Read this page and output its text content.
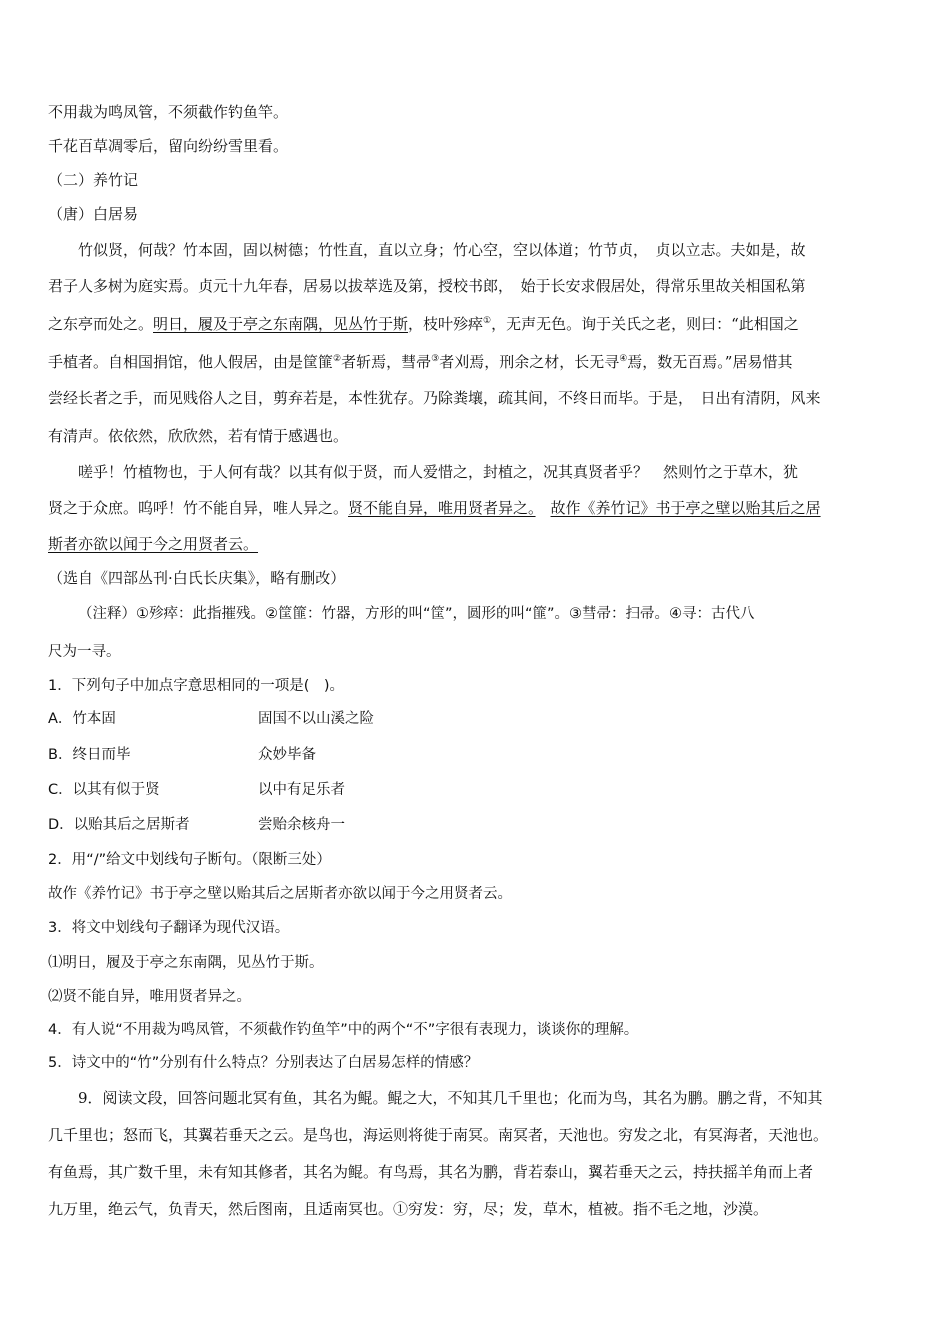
不用裁为鸣凤管，不须截作钓鱼竿。
千花百草凋零后，留向纷纷雪里看。
（二）养竹记
（唐）白居易
竹似贤，何哉？竹本固，固以树德；竹性直，直以立身；竹心空，空以体道；竹节贞，　贞以立志。夫如是，故
君子人多树为庭实焉。贞元十九年春，居易以拔萃选及第，授校书郎，　始于长安求假居处，得常乐里故关相国私第
之东亭而处之。明日，履及于亭之东南隅，见丛竹于斯，枝叶殄瘁①，无声无色。询于关氏之老，则曰：“此相国之
手植者。自相国捐馆，他人假居，由是筐篚②者斩焉，彗帚③者刈焉，刑余之材，长无寻④焉，数无百焉。”居易惜其
尝经长者之手，而见贱俗人之目，剪弃若是，本性犹存。乃除粪壤，疏其间，不终日而毕。于是，　日出有清阴，风来
有清声。依依然，欣欣然，若有情于感遇也。
嗟乎！竹植物也，于人何有哉？以其有似于贤，而人爱惜之，封植之，况其真贤者乎？　然则竹之于草木，犹
贤之于众庶。呜呼！竹不能自异，唯人异之。贤不能自异，唯用贤者异之。　 故作《养竹记》书于亭之壁以贻其后之居
斯者亦欲以闻于今之用贤者云。
（选自《四部丛刊·白氏长庆集》，略有删改）
（注释）①殄瘁：此指摧残。②筐篚：竹器，方形的叫“筐”，圆形的叫“篚”。③彗帚：扫帚。④寻：古代八
尺为一寻。
1．下列句子中加点字意思相同的一项是(　)。
A．竹本固	固国不以山溪之险
B．终日而毕	众妙毕备
C．以其有似于贤	以中有足乐者
D．以贻其后之居斯者	尝贻余核舟一
2．用“/”给文中划线句子断句。（限断三处）
故作《养竹记》书于亭之壁以贻其后之居斯者亦欲以闻于今之用贤者云。
3．将文中划线句子翻译为现代汉语。
⑴明日，履及于亭之东南隅，见丛竹于斯。
⑵贤不能自异，唯用贤者异之。
4．有人说“不用裁为鸣凤管，不须截作钓鱼竿”中的两个“不”字很有表现力，谈谈你的理解。
5．诗文中的“竹”分别有什么特点？分别表达了白居易怎样的情感？
9．阅读文段，回答问题北冥有鱼，其名为鲲。鲲之大，不知其几千里也；化而为鸟，其名为鹏。鹏之背，不知其
几千里也；怒而飞，其翼若垂天之云。是鸟也，海运则将徙于南冥。南冥者，天池也。穷发之北，有冥海者，天池也。
有鱼焉，其广数千里，未有知其修者，其名为鲲。有鸟焉，其名为鹏，背若泰山，翼若垂天之云，持扶摇羊角而上者
九万里，绝云气，负青天，然后图南，且适南冥也。①穷发：穷，尽；发，草木，植被。指不毛之地，沙漠。
